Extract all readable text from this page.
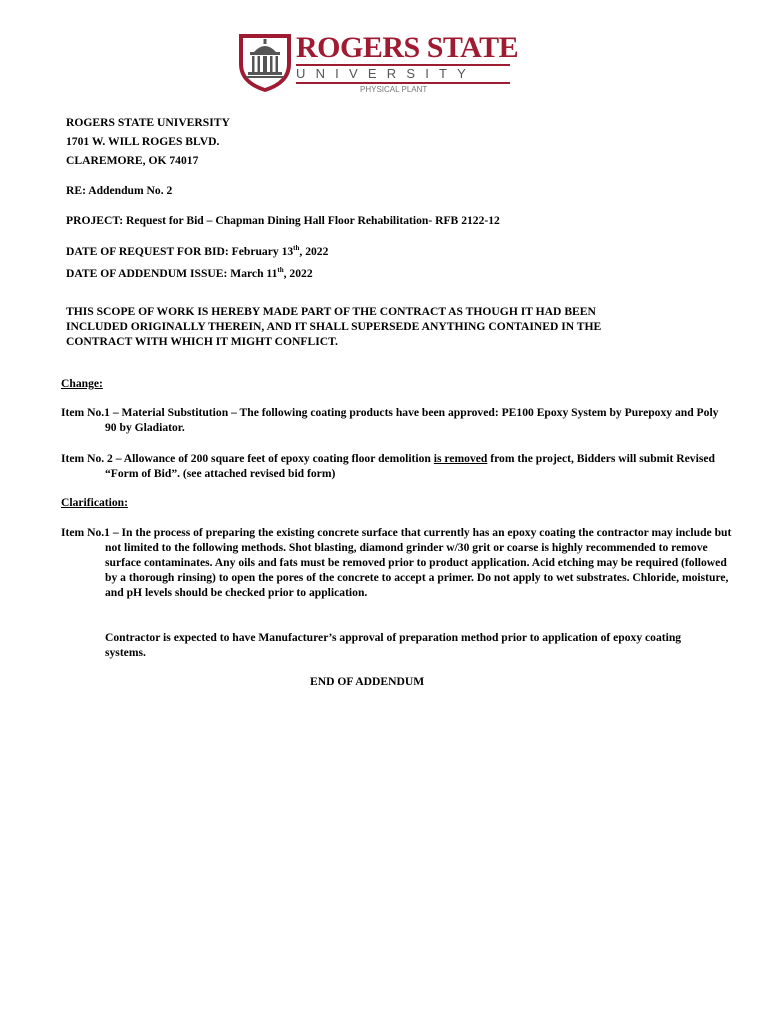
ROGERS STATE
UNIVERSITY
PHYSICAL PLANT
ROGERS STATE UNIVERSITY
1701 W. WILL ROGES BLVD.
CLAREMORE, OK 74017
RE: Addendum No. 2
PROJECT: Request for Bid – Chapman Dining Hall Floor Rehabilitation- RFB 2122-12
DATE OF REQUEST FOR BID: February 13th, 2022
DATE OF ADDENDUM ISSUE: March 11th, 2022
THIS SCOPE OF WORK IS HEREBY MADE PART OF THE CONTRACT AS THOUGH IT HAD BEEN
INCLUDED ORIGINALLY THEREIN, AND IT SHALL SUPERSEDE ANYTHING CONTAINED IN THE
CONTRACT WITH WHICH IT MIGHT CONFLICT.
Change:
Item No.1 – Material Substitution – The following coating products have been approved: PE100 Epoxy System by Purepoxy and Poly 90 by Gladiator.
Item No. 2 – Allowance of 200 square feet of epoxy coating floor demolition is removed from the project, Bidders will submit Revised “Form of Bid”. (see attached revised bid form)
Clarification:
Item No.1 – In the process of preparing the existing concrete surface that currently has an epoxy coating the contractor may include but not limited to the following methods. Shot blasting, diamond grinder w/30 grit or coarse is highly recommended to remove surface contaminates. Any oils and fats must be removed prior to product application. Acid etching may be required (followed by a thorough rinsing) to open the pores of the concrete to accept a primer. Do not apply to wet substrates. Chloride, moisture, and pH levels should be checked prior to application.
Contractor is expected to have Manufacturer’s approval of preparation method prior to application of epoxy coating systems.
END OF ADDENDUM
